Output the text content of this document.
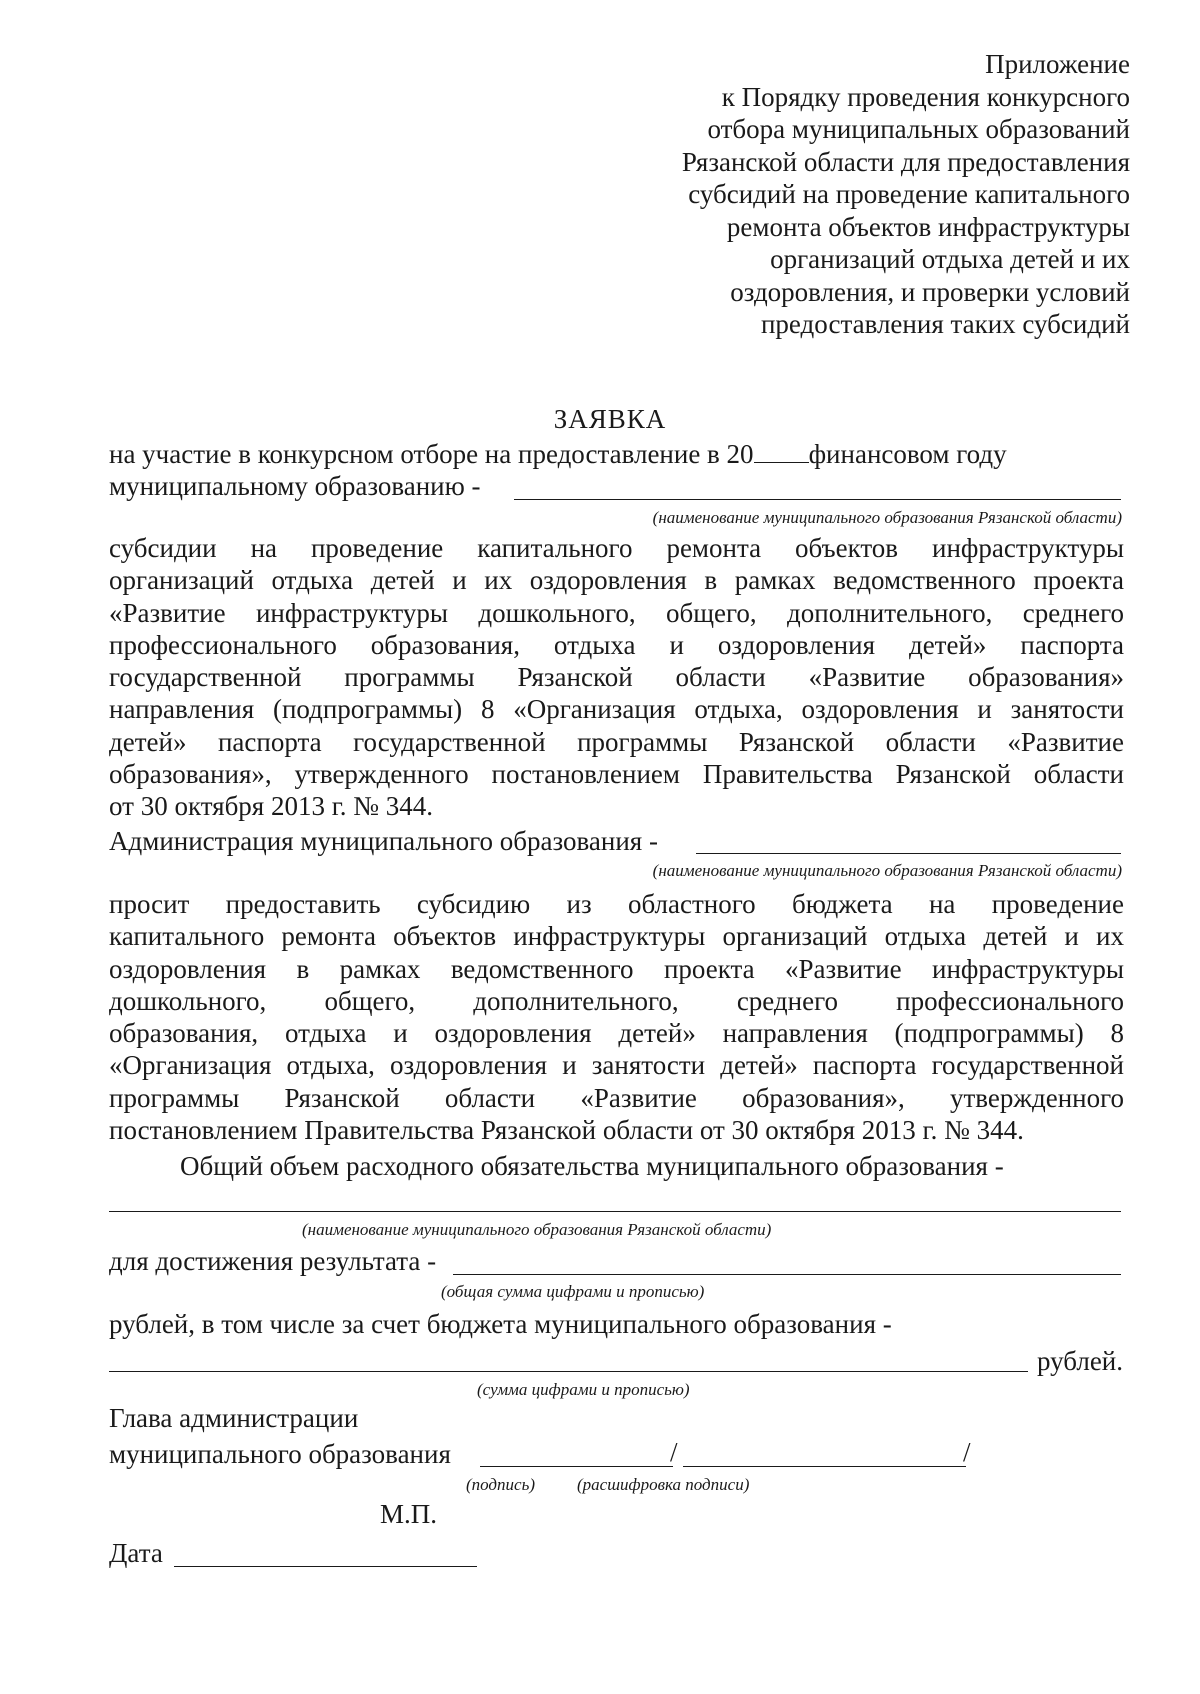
Приложение
к Порядку проведения конкурсного
отбора муниципальных образований
Рязанской области для предоставления
субсидий на проведение капитального
ремонта объектов инфраструктуры
организаций отдыха детей и их
оздоровления, и проверки условий
предоставления таких субсидий
ЗАЯВКА
на участие в конкурсном отборе на предоставление в 20 финансовом году
муниципальному образованию -
(наименование муниципального образования Рязанской области)
субсидии на проведение капитального ремонта объектов инфраструктуры
организаций отдыха детей и их оздоровления в рамках ведомственного проекта
«Развитие инфраструктуры дошкольного, общего, дополнительного, среднего
профессионального образования, отдыха и оздоровления детей» паспорта
государственной программы Рязанской области «Развитие образования»
направления (подпрограммы) 8 «Организация отдыха, оздоровления и занятости
детей» паспорта государственной программы Рязанской области «Развитие
образования», утвержденного постановлением Правительства Рязанской области
от 30 октября 2013 г. № 344.
Администрация муниципального образования -
(наименование муниципального образования Рязанской области)
просит предоставить субсидию из областного бюджета на проведение
капитального ремонта объектов инфраструктуры организаций отдыха детей и их
оздоровления в рамках ведомственного проекта «Развитие инфраструктуры
дошкольного, общего, дополнительного, среднего профессионального
образования, отдыха и оздоровления детей» направления (подпрограммы) 8
«Организация отдыха, оздоровления и занятости детей» паспорта государственной
программы Рязанской области «Развитие образования», утвержденного
постановлением Правительства Рязанской области от 30 октября 2013 г. № 344.
Общий объем расходного обязательства муниципального образования -
(наименование муниципального образования Рязанской области)
для достижения результата -
(общая сумма цифрами и прописью)
рублей, в том числе за счет бюджета муниципального образования -
рублей.
(сумма цифрами и прописью)
Глава администрации
муниципального образования	/	/
(подпись) (расшифровка подписи)
М.П.
Дата
